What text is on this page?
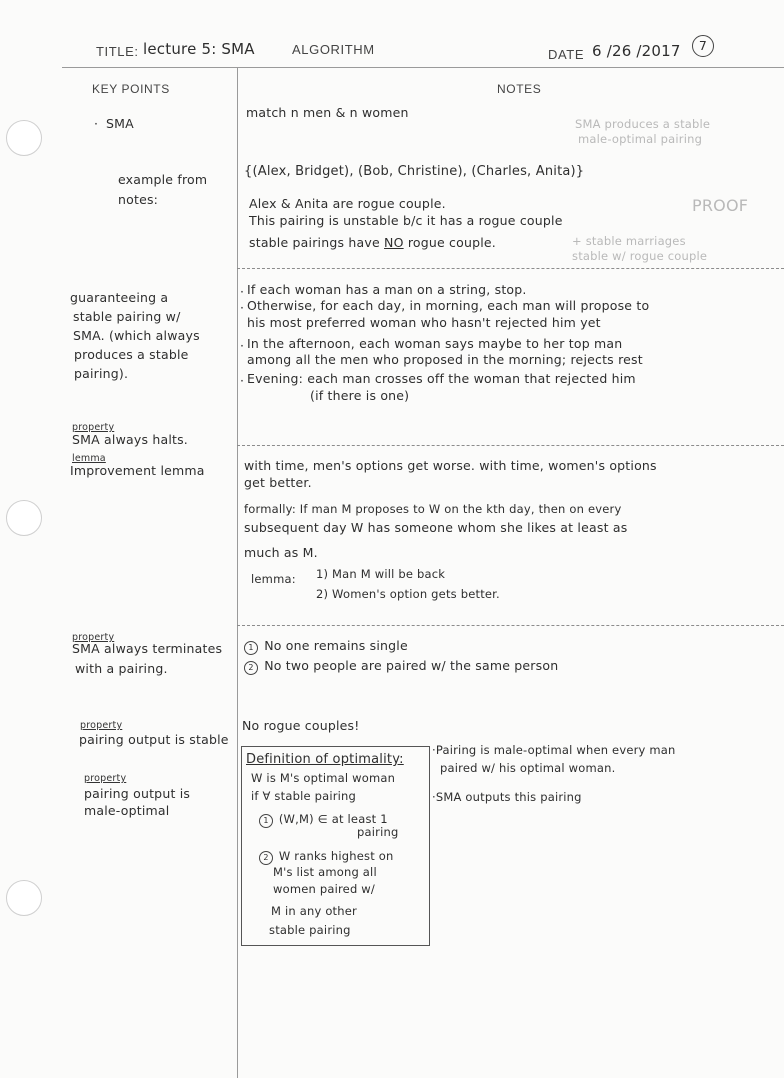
TITLE: lecture 5: SMA	ALGORITHM	DATE 6 /26 /2017	7
KEY POINTS	NOTES
SMA produces a stable
male-optimal pairing
PROOF
+ stable marriages
stable w/ rogue couple
SMA
·
match n men & n women
example from notes:
{(Alex, Bridget), (Bob, Christine), (Charles, Anita)}
Alex & Anita are rogue couple.
This pairing is unstable b/c it has a rogue couple
stable pairings have NO rogue couple.
guaranteeing a
stable pairing w/
SMA. (which always
produces a stable
pairing).
· If each woman has a man on a string, stop.
· Otherwise, for each day, in morning, each man will propose to
his most preferred woman who hasn't rejected him yet
· In the afternoon, each woman says maybe to her top man
among all the men who proposed in the morning; rejects rest
· Evening: each man crosses off the woman that rejected him
(if there is one)
property
SMA always halts.
lemma
Improvement lemma	with time, men's options get worse. with time, women's options
get better.
formally: If man M proposes to W on the kth day, then on every
subsequent day W has someone whom she likes at least as
much as M.
lemma: 1) Man M will be back
2) Women's option gets better.
property
SMA always terminates
with a pairing.
1 No one remains single
2 No two people are paired w/ the same person
property
pairing output is stable
No rogue couples!
property
pairing output is
male-optimal
Definition of optimality:
W is M's optimal woman
if ∀ stable pairing
1 (W,M) ∈ at least 1
pairing
2 W ranks highest on
M's list among all
women paired w/
M in any other
stable pairing
·Pairing is male-optimal when every man
paired w/ his optimal woman.
·SMA outputs this pairing
